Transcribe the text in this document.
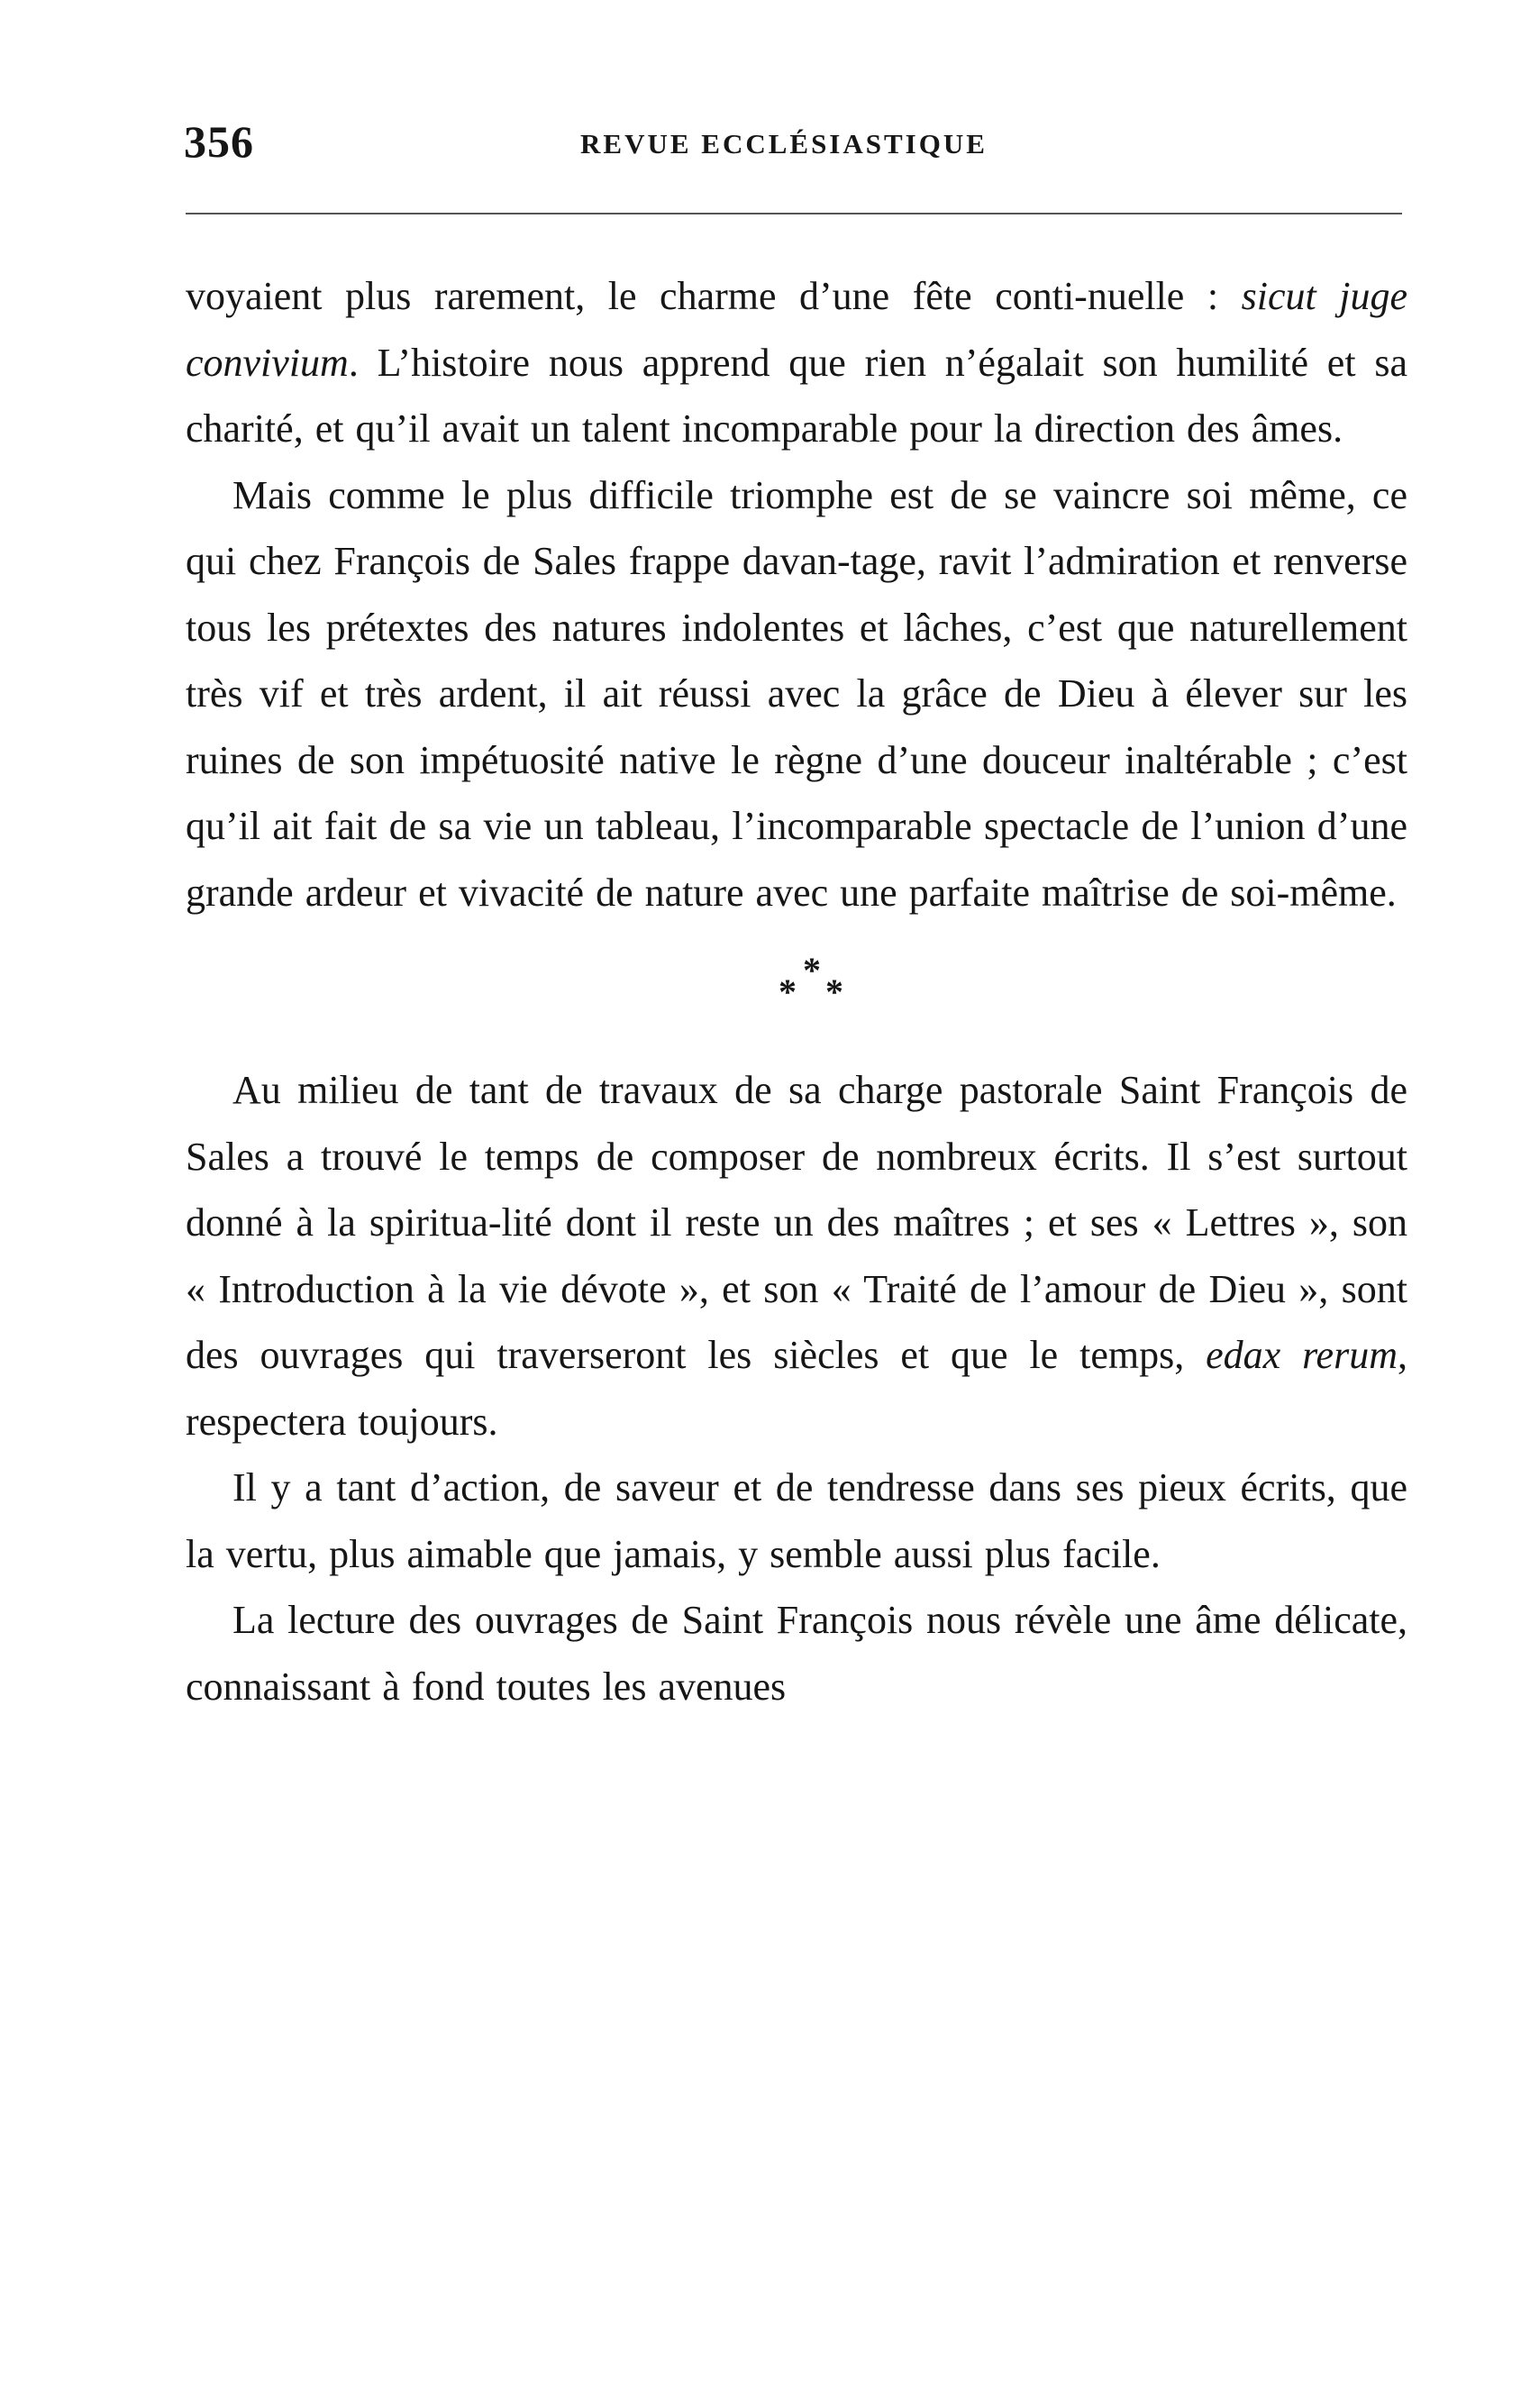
356	REVUE ECCLÉSIASTIQUE

voyaient plus rarement, le charme d’une fête conti-nuelle : sicut juge convivium. L’histoire nous apprend que rien n’égalait son humilité et sa charité, et qu’il avait un talent incomparable pour la direction des âmes.

Mais comme le plus difficile triomphe est de se vaincre soi même, ce qui chez François de Sales frappe davan-tage, ravit l’admiration et renverse tous les prétextes des natures indolentes et lâches, c’est que naturellement très vif et très ardent, il ait réussi avec la grâce de Dieu à élever sur les ruines de son impétuosité native le règne d’une douceur inaltérable ; c’est qu’il ait fait de sa vie un tableau, l’incomparable spectacle de l’union d’une grande ardeur et vivacité de nature avec une parfaite maîtrise de soi-même.

*
* *

Au milieu de tant de travaux de sa charge pastorale Saint François de Sales a trouvé le temps de composer de nombreux écrits. Il s’est surtout donné à la spiritua-lité dont il reste un des maîtres ; et ses « Lettres », son « Introduction à la vie dévote », et son « Traité de l’amour de Dieu », sont des ouvrages qui traverseront les siècles et que le temps, edax rerum, respectera toujours.

Il y a tant d’action, de saveur et de tendresse dans ses pieux écrits, que la vertu, plus aimable que jamais, y semble aussi plus facile.

La lecture des ouvrages de Saint François nous révèle une âme délicate, connaissant à fond toutes les avenues
